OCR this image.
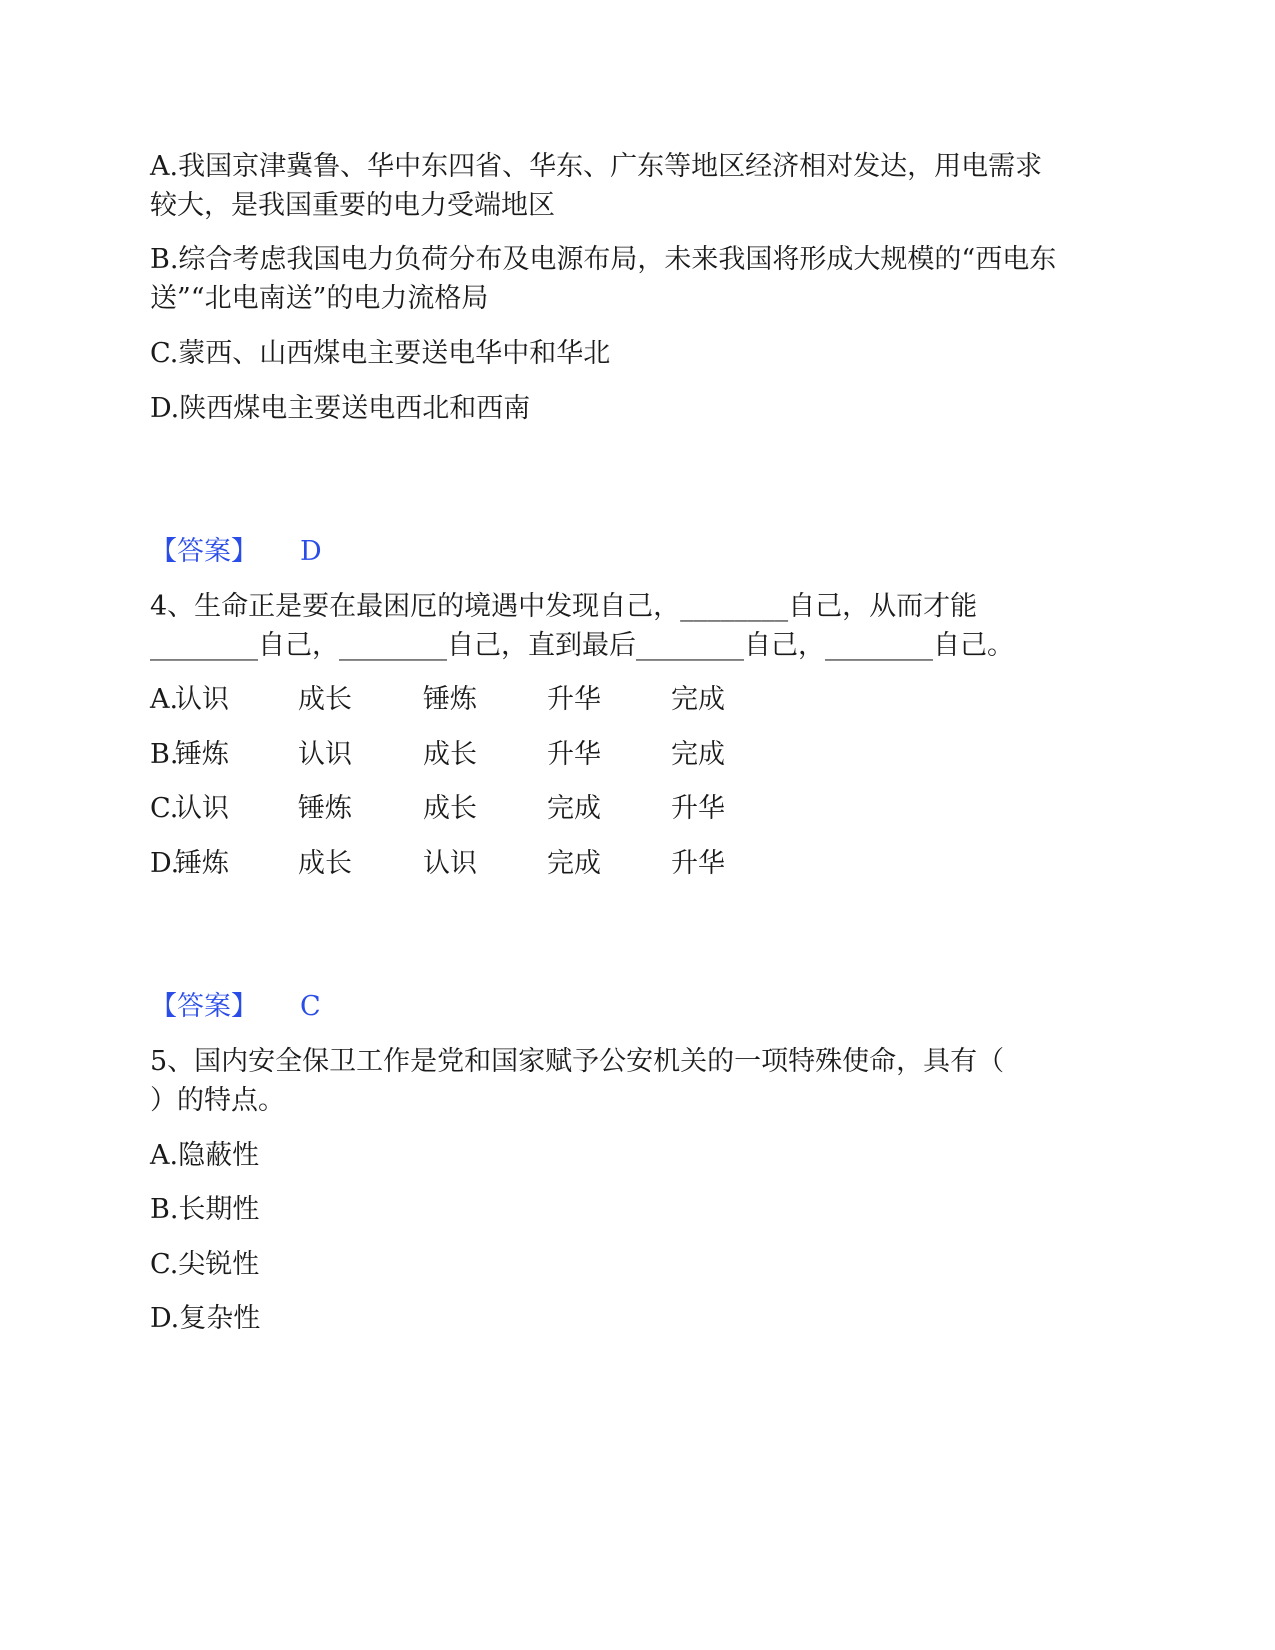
A.我国京津冀鲁、华中东四省、华东、广东等地区经济相对发达，用电需求
较大，是我国重要的电力受端地区
B.综合考虑我国电力负荷分布及电源布局，未来我国将形成大规模的“西电东
送”“北电南送”的电力流格局
C.蒙西、山西煤电主要送电华中和华北
D.陕西煤电主要送电西北和西南
【答案】 D
4、生命正是要在最困厄的境遇中发现自己，________自己，从而才能
________自己，________自己，直到最后________自己，________自己。
A.
认识	成长	锤炼	升华	完成
B.
锤炼	认识	成长	升华	完成
C.
认识	锤炼	成长	完成	升华
D.
锤炼	成长	认识	完成	升华
【答案】 C
5、国内安全保卫工作是党和国家赋予公安机关的一项特殊使命，具有（
）的特点。
A.隐蔽性
B.长期性
C.尖锐性
D.复杂性
